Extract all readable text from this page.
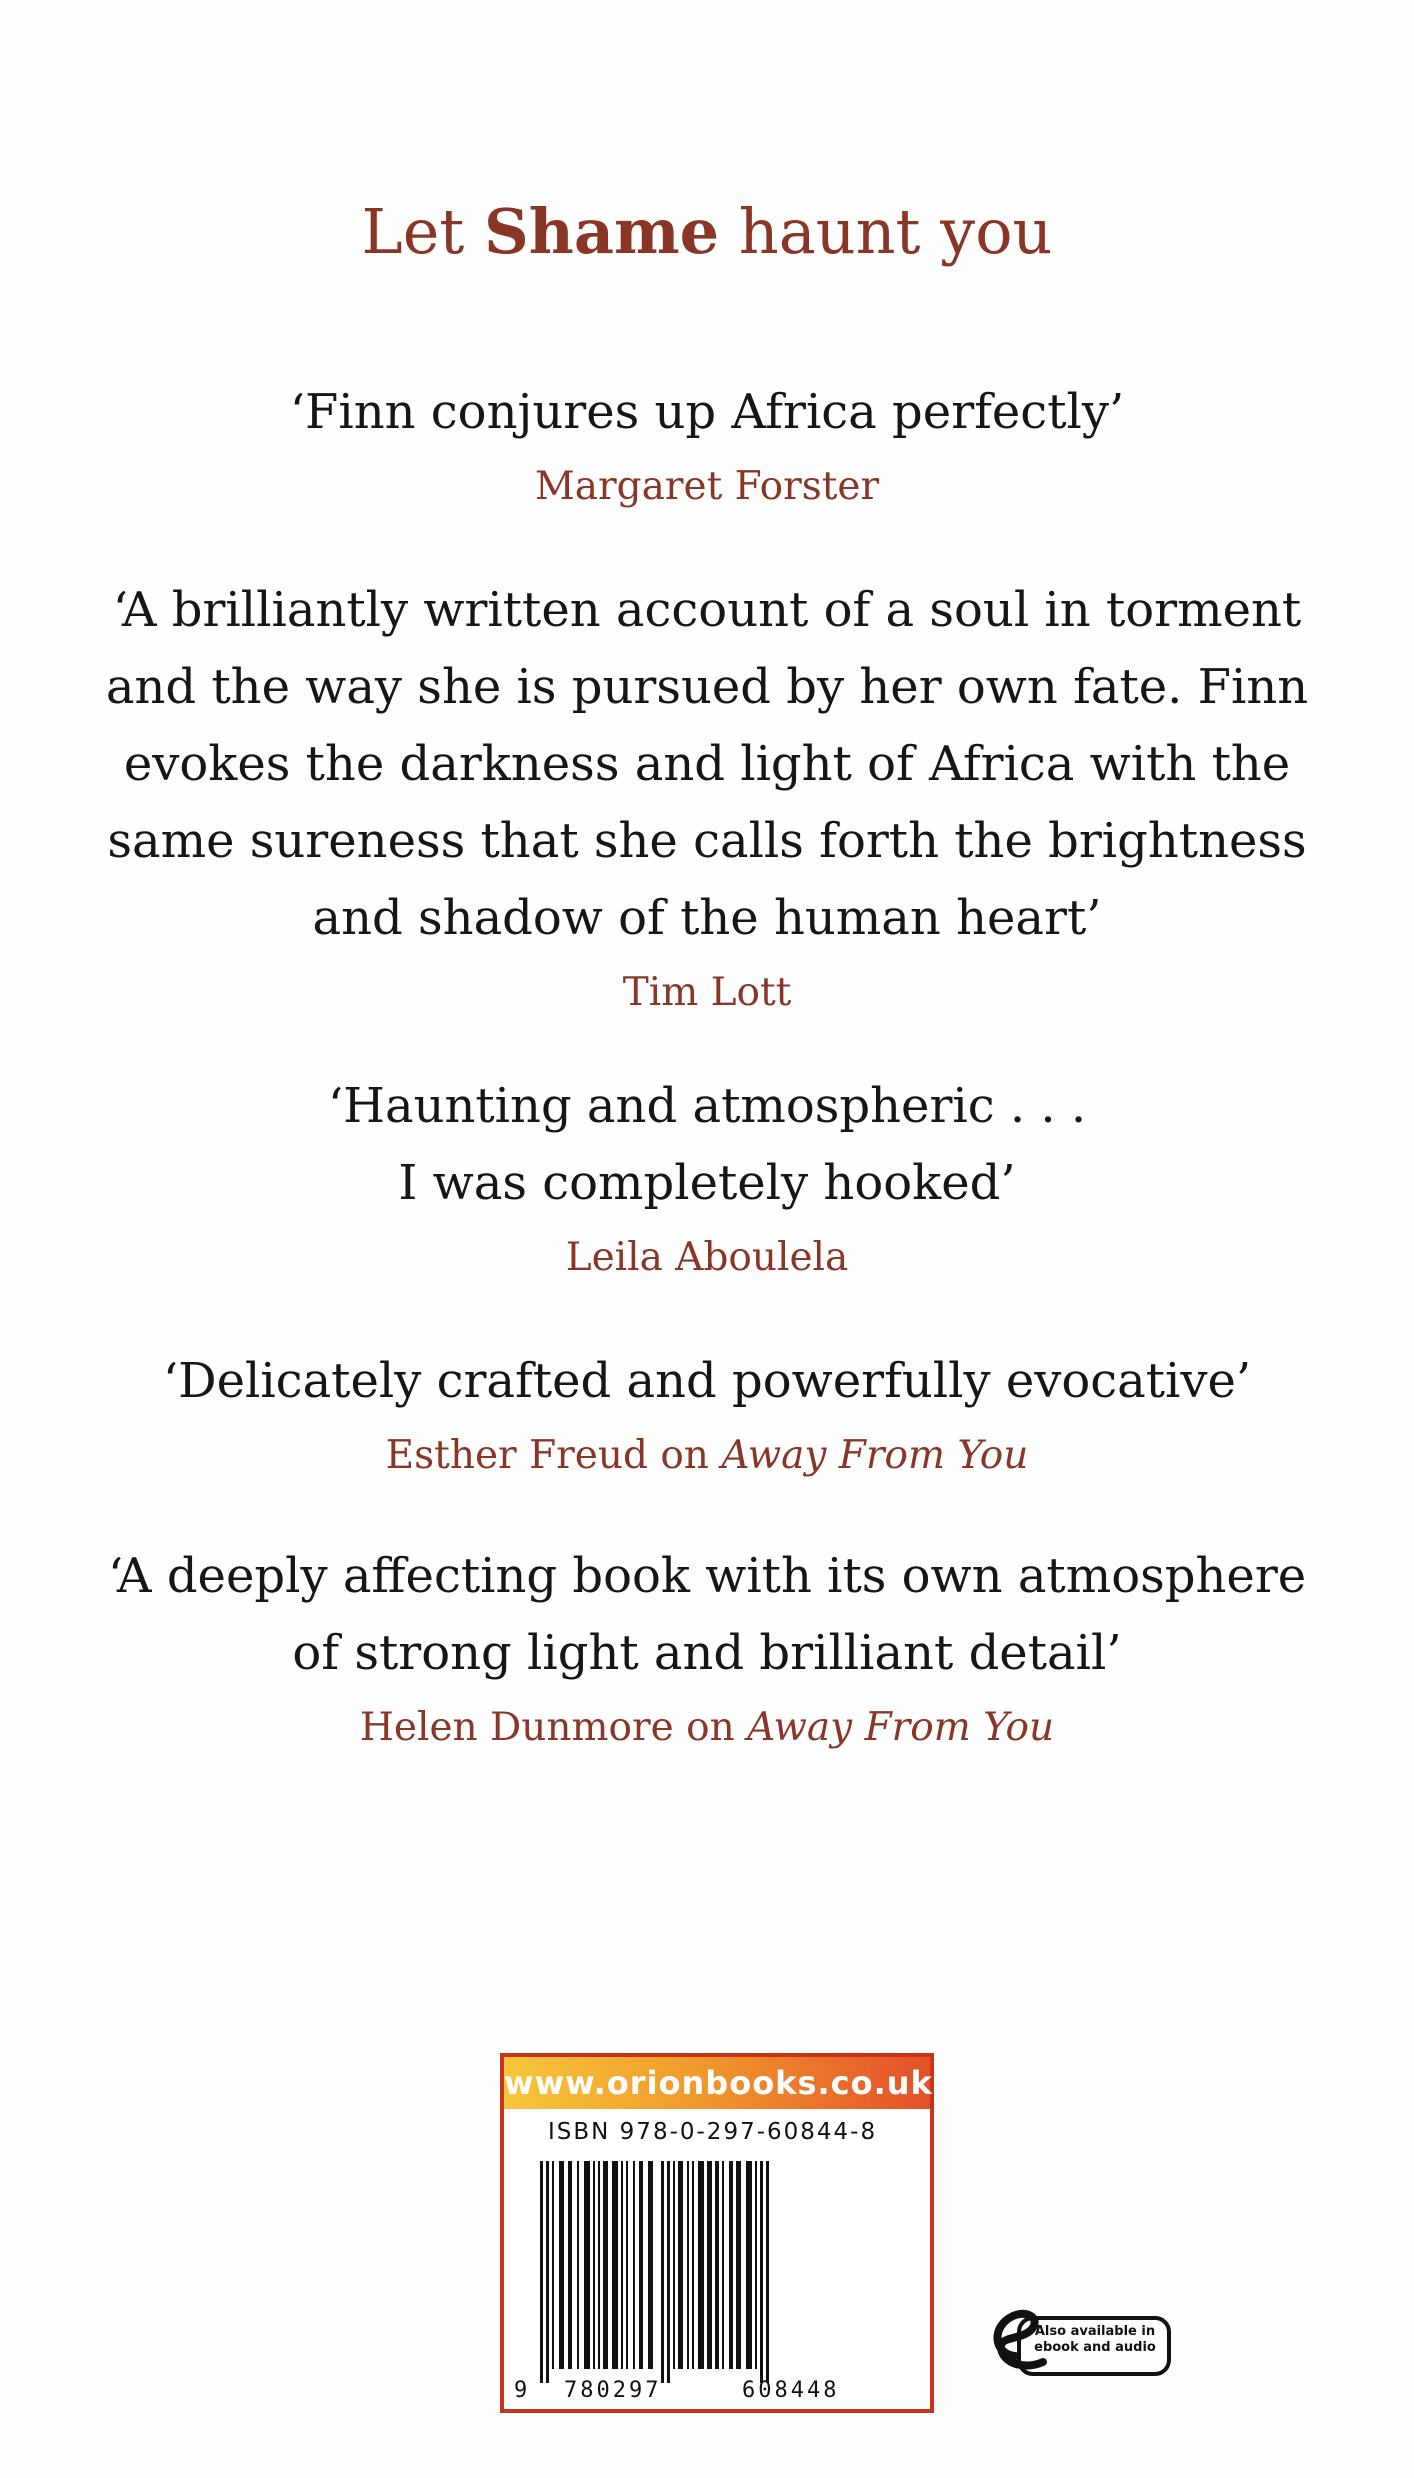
Let Shame haunt you
‘Finn conjures up Africa perfectly’
Margaret Forster
‘A brilliantly written account of a soul in torment
and the way she is pursued by her own fate. Finn
evokes the darkness and light of Africa with the
same sureness that she calls forth the brightness
and shadow of the human heart’
Tim Lott
‘Haunting and atmospheric . . .
I was completely hooked’
Leila Aboulela
‘Delicately crafted and powerfully evocative’
Esther Freud on Away From You
‘A deeply affecting book with its own atmosphere
of strong light and brilliant detail’
Helen Dunmore on Away From You
www.orionbooks.co.uk
ISBN 978-0-297-60844-8
9 780297	608448
Also available in
ebook and audio
